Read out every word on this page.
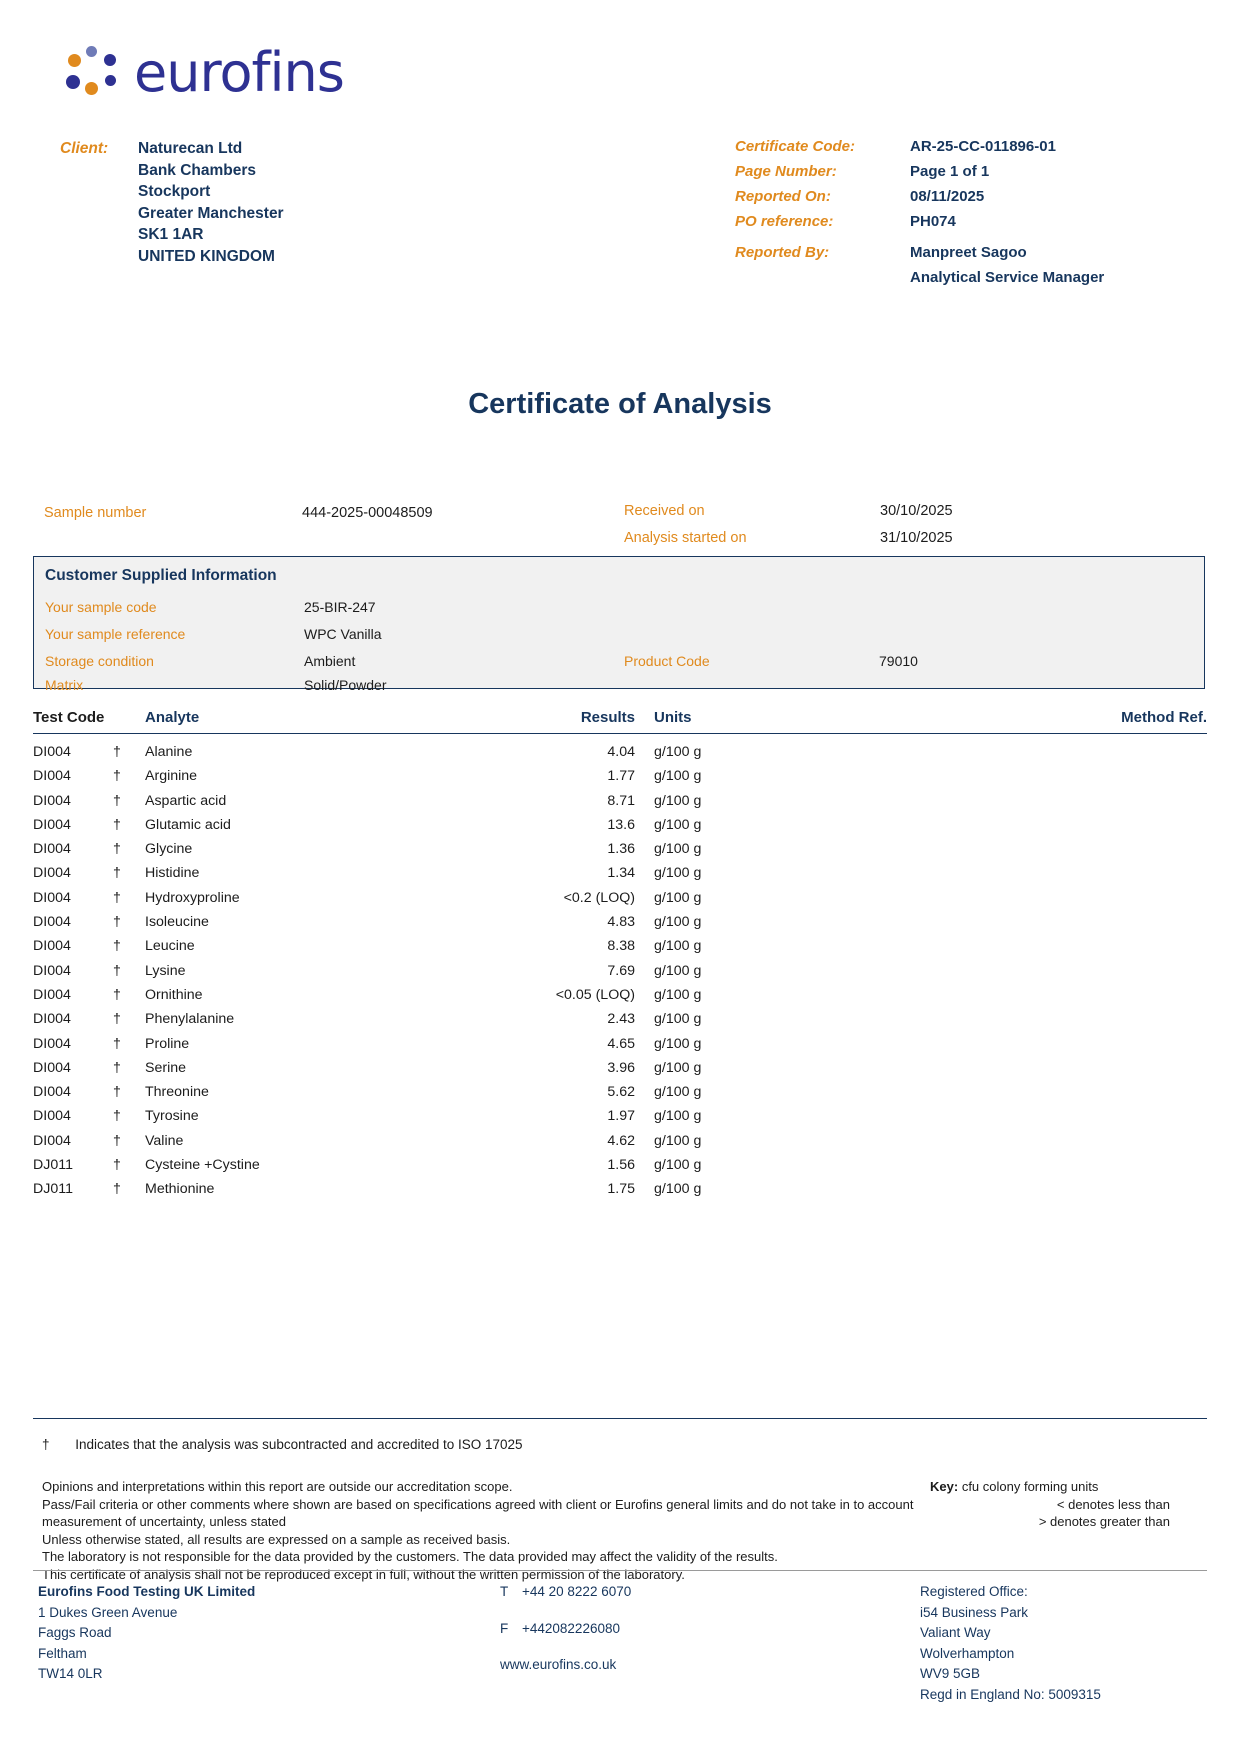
eurofins
Client: Naturecan Ltd
Bank Chambers
Stockport
Greater Manchester
SK1 1AR
UNITED KINGDOM
Certificate Code:	AR-25-CC-011896-01
Page Number:	Page 1 of 1
Reported On:	08/11/2025
PO reference:	PH074
Reported By:	Manpreet Sagoo
Analytical Service Manager
Certificate of Analysis
Sample number	444-2025-00048509	Received on	30/10/2025
Analysis started on	31/10/2025
Customer Supplied Information
Your sample code	25-BIR-247
Your sample reference	WPC Vanilla
Storage condition	Ambient	Product Code	79010
Matrix	Solid/Powder
Test Code	Analyte	Results	Units	Method Ref.
DI004	†	Alanine	4.04	g/100 g
DI004	†	Arginine	1.77	g/100 g
DI004	†	Aspartic acid	8.71	g/100 g
DI004	†	Glutamic acid	13.6	g/100 g
DI004	†	Glycine	1.36	g/100 g
DI004	†	Histidine	1.34	g/100 g
DI004	†	Hydroxyproline	<0.2 (LOQ)	g/100 g
DI004	†	Isoleucine	4.83	g/100 g
DI004	†	Leucine	8.38	g/100 g
DI004	†	Lysine	7.69	g/100 g
DI004	†	Ornithine	<0.05 (LOQ)	g/100 g
DI004	†	Phenylalanine	2.43	g/100 g
DI004	†	Proline	4.65	g/100 g
DI004	†	Serine	3.96	g/100 g
DI004	†	Threonine	5.62	g/100 g
DI004	†	Tyrosine	1.97	g/100 g
DI004	†	Valine	4.62	g/100 g
DJ011	†	Cysteine +Cystine	1.56	g/100 g
DJ011	†	Methionine	1.75	g/100 g
† Indicates that the analysis was subcontracted and accredited to ISO 17025
Opinions and interpretations within this report are outside our accreditation scope.
Pass/Fail criteria or other comments where shown are based on specifications agreed with client or Eurofins general limits and do not take in to account measurement of uncertainty, unless stated
Unless otherwise stated, all results are expressed on a sample as received basis.
The laboratory is not responsible for the data provided by the customers. The data provided may affect the validity of the results.
This certificate of analysis shall not be reproduced except in full, without the written permission of the laboratory.
Key: cfu colony forming units
< denotes less than
> denotes greater than
Eurofins Food Testing UK Limited
1 Dukes Green Avenue
Faggs Road
Feltham
TW14 0LR
T +44 20 8222 6070
F +442082226080
www.eurofins.co.uk
Registered Office:
i54 Business Park
Valiant Way
Wolverhampton
WV9 5GB
Regd in England No: 5009315
